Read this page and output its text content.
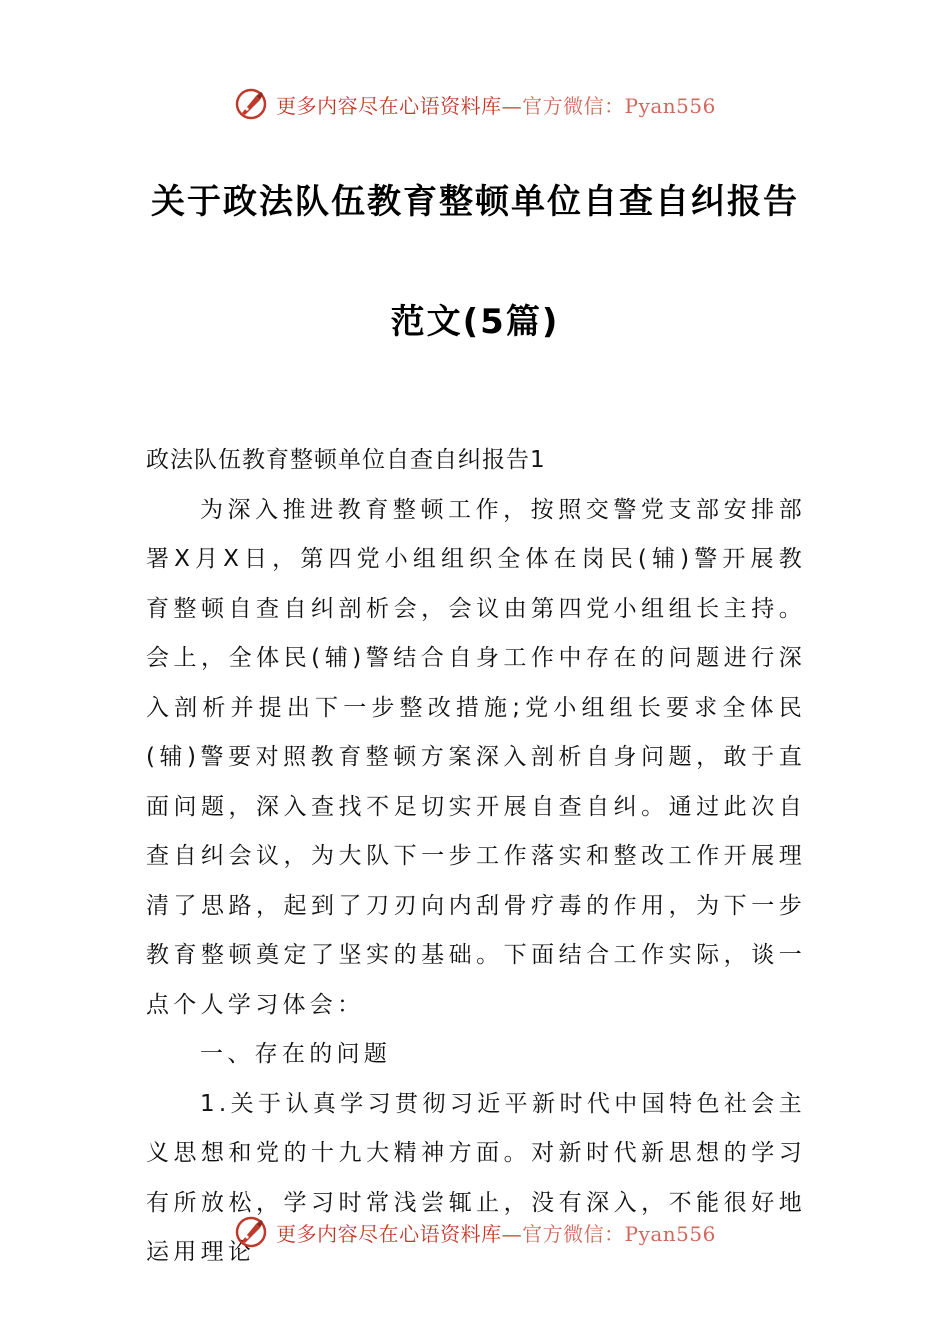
更多内容尽在心语资料库—官方微信：Pyan556
关于政法队伍教育整顿单位自查自纠报告
范文(5篇)

政法队伍教育整顿单位自查自纠报告1

为深入推进教育整顿工作，按照交警党支部安排部署X月X日，第四党小组组织全体在岗民(辅)警开展教育整顿自查自纠剖析会，会议由第四党小组组长主持。会上，全体民(辅)警结合自身工作中存在的问题进行深入剖析并提出下一步整改措施;党小组组长要求全体民(辅)警要对照教育整顿方案深入剖析自身问题，敢于直面问题，深入查找不足切实开展自查自纠。通过此次自查自纠会议，为大队下一步工作落实和整改工作开展理清了思路，起到了刀刃向内刮骨疗毒的作用，为下一步教育整顿奠定了坚实的基础。下面结合工作实际，谈一点个人学习体会：

一、存在的问题

1.关于认真学习贯彻习近平新时代中国特色社会主义思想和党的十九大精神方面。对新时代新思想的学习有所放松，学习时常浅尝辄止，没有深入，不能很好地运用理论

更多内容尽在心语资料库—官方微信：Pyan556
